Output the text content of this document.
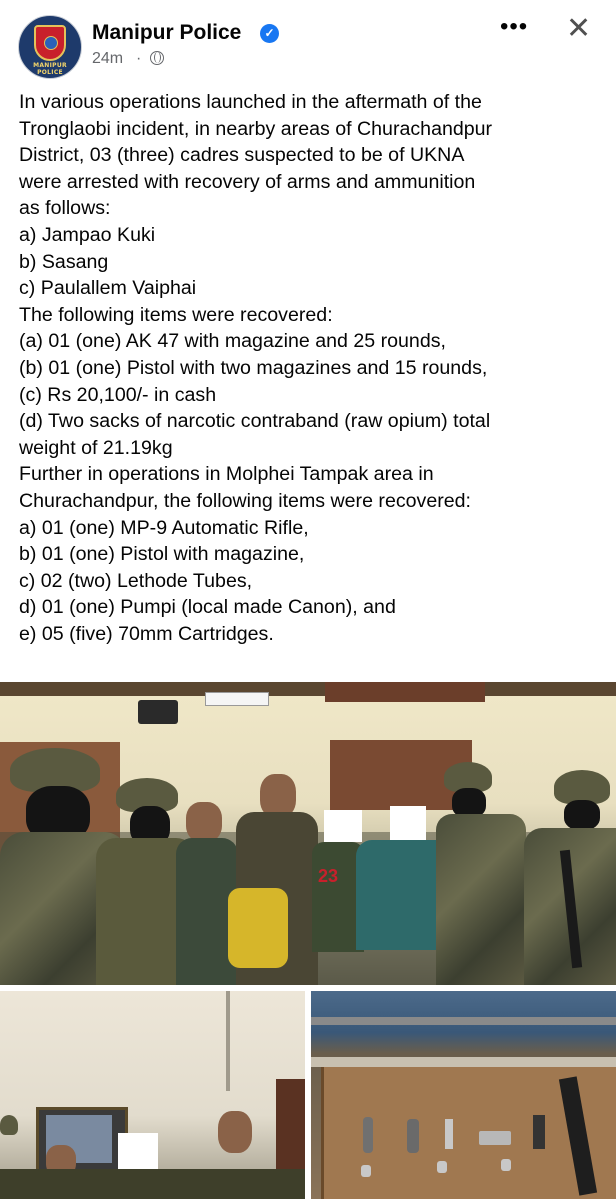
MANIPUR POLICE
Manipur Police	✓
24m ·
••• ✕
In various operations launched in the aftermath of the
Tronglaobi incident, in nearby areas of Churachandpur
District, 03 (three) cadres suspected to be of UKNA
were arrested with recovery of arms and ammunition
as follows:
a) Jampao Kuki
b) Sasang
c) Paulallem Vaiphai
The following items were recovered:
(a) 01 (one) AK 47 with magazine and 25 rounds,
(b) 01 (one) Pistol with two magazines and 15 rounds,
(c) Rs 20,100/- in cash
(d) Two sacks of narcotic contraband (raw opium) total
weight of 21.19kg
Further in operations in Molphei Tampak area in
Churachandpur, the following items were recovered:
a) 01 (one) MP-9 Automatic Rifle,
b) 01 (one) Pistol with magazine,
c) 02 (two) Lethode Tubes,
d) 01 (one) Pumpi (local made Canon), and
e) 05 (five) 70mm Cartridges.
23
